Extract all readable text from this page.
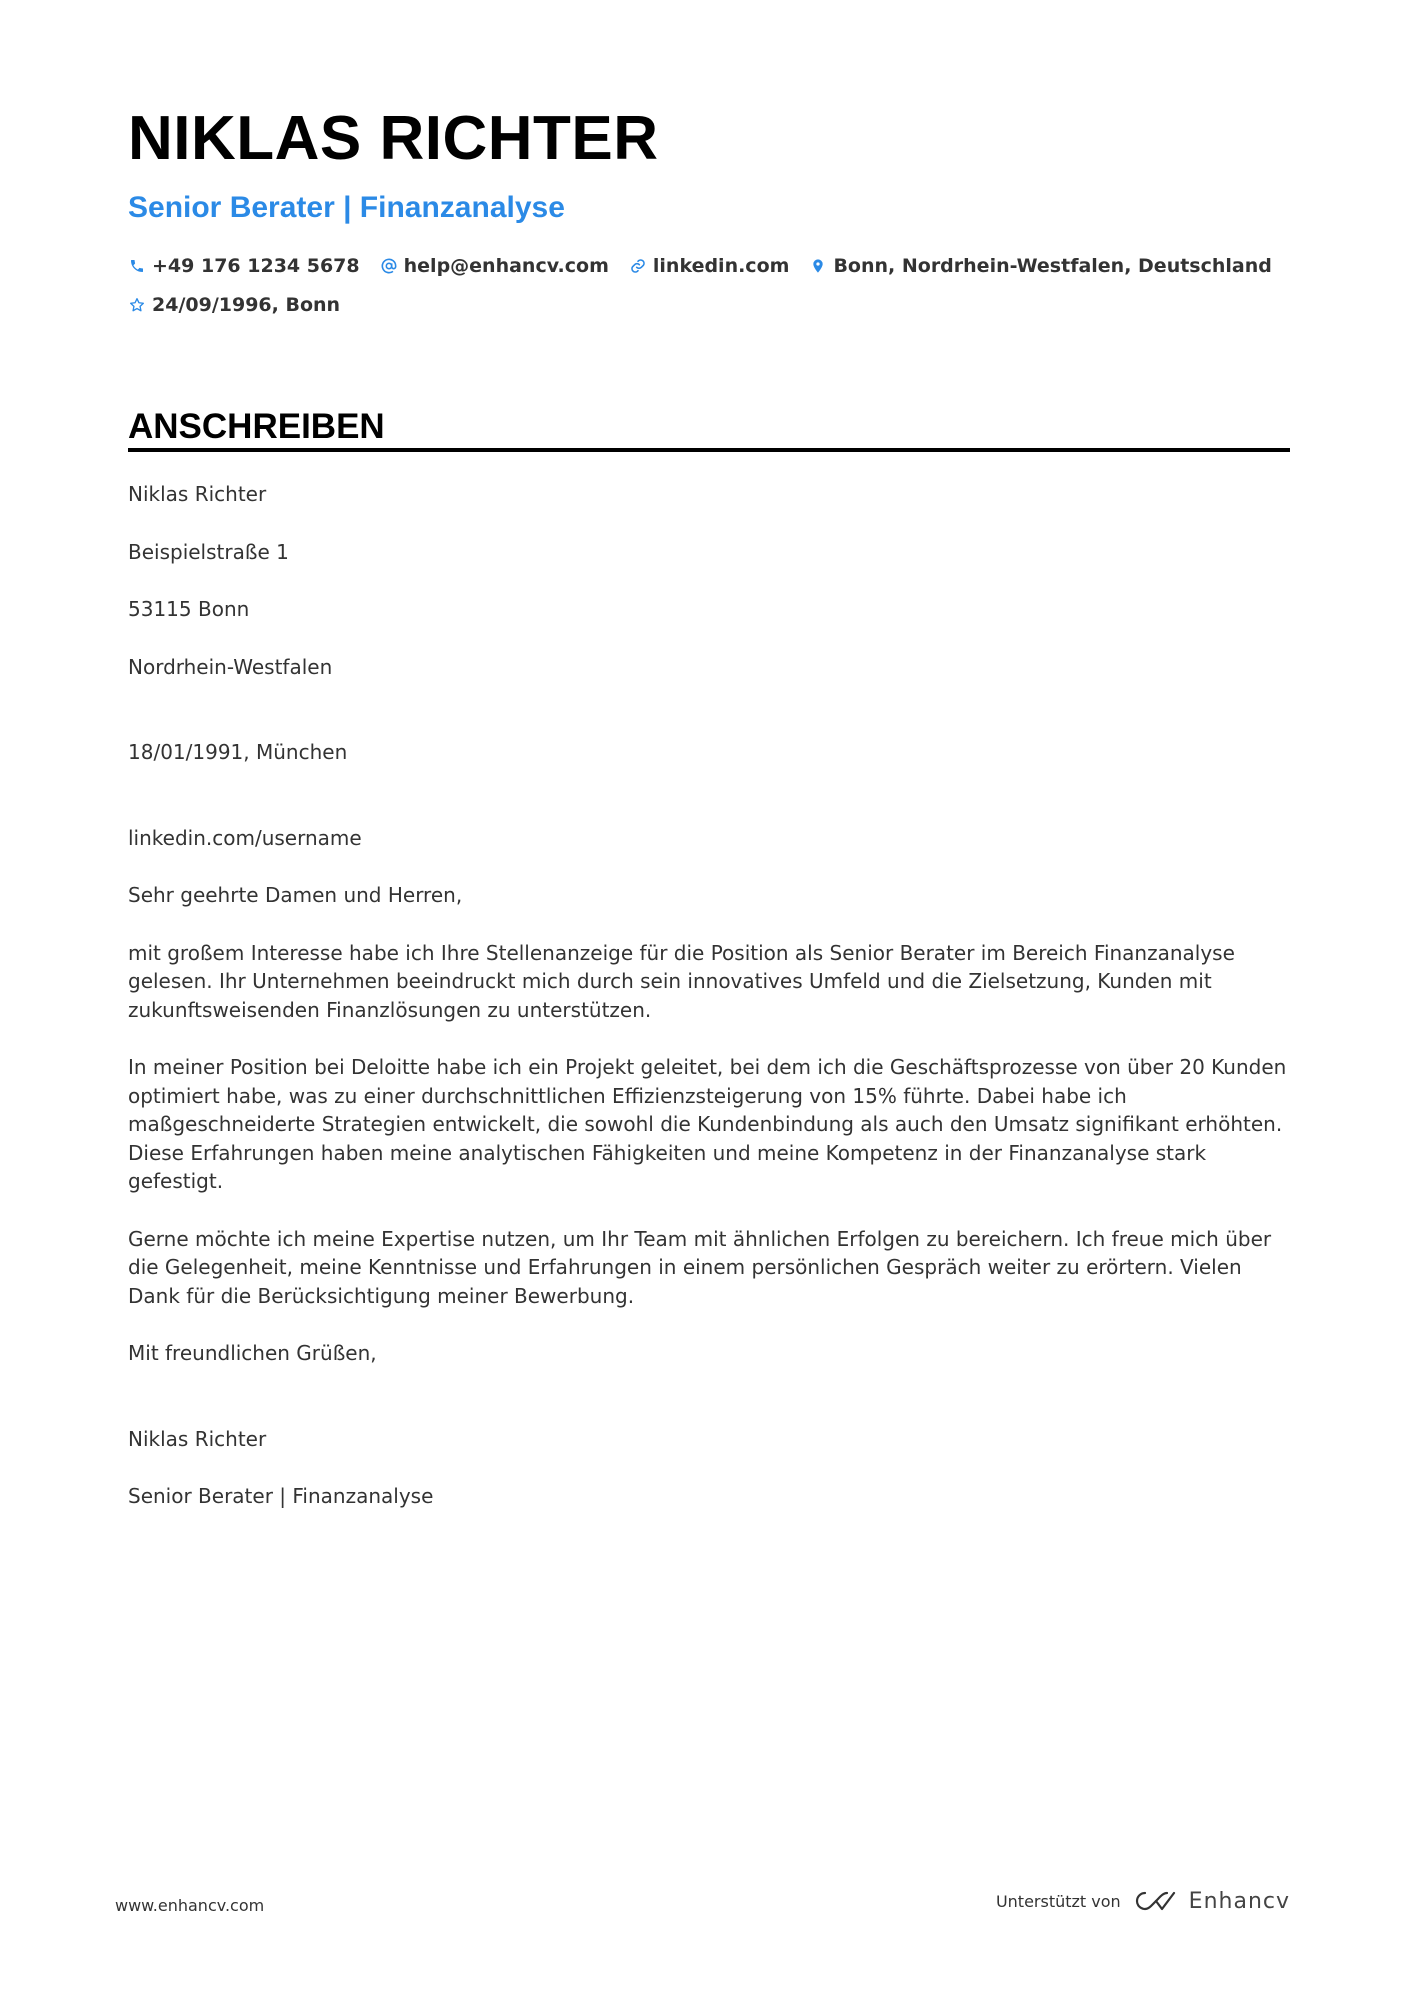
NIKLAS RICHTER
Senior Berater | Finanzanalyse
+49 176 1234 5678 help@enhancv.com linkedin.com Bonn, Nordrhein-Westfalen, Deutschland
24/09/1996, Bonn
ANSCHREIBEN

Niklas Richter

Beispielstraße 1

53115 Bonn

Nordrhein-Westfalen

18/01/1991, München

linkedin.com/username

Sehr geehrte Damen und Herren,

mit großem Interesse habe ich Ihre Stellenanzeige für die Position als Senior Berater im Bereich Finanzanalyse gelesen. Ihr Unternehmen beeindruckt mich durch sein innovatives Umfeld und die Zielsetzung, Kunden mit zukunftsweisenden Finanzlösungen zu unterstützen.

In meiner Position bei Deloitte habe ich ein Projekt geleitet, bei dem ich die Geschäftsprozesse von über 20 Kunden optimiert habe, was zu einer durchschnittlichen Effizienzsteigerung von 15% führte. Dabei habe ich maßgeschneiderte Strategien entwickelt, die sowohl die Kundenbindung als auch den Umsatz signifikant erhöhten. Diese Erfahrungen haben meine analytischen Fähigkeiten und meine Kompetenz in der Finanzanalyse stark gefestigt.

Gerne möchte ich meine Expertise nutzen, um Ihr Team mit ähnlichen Erfolgen zu bereichern. Ich freue mich über die Gelegenheit, meine Kenntnisse und Erfahrungen in einem persönlichen Gespräch weiter zu erörtern. Vielen Dank für die Berücksichtigung meiner Bewerbung.

Mit freundlichen Grüßen,

Niklas Richter

Senior Berater | Finanzanalyse

www.enhancv.com	Unterstützt von	Enhancv
